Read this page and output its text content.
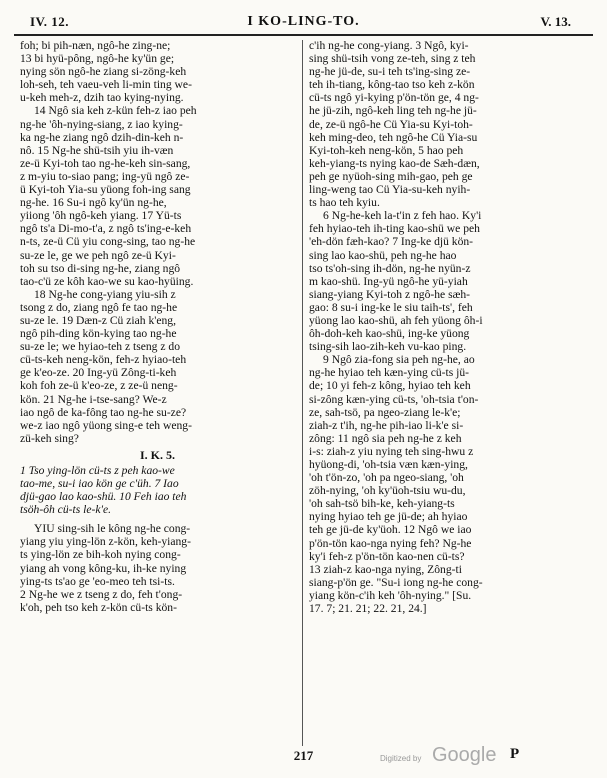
IV. 12.	I KO-LING-TO.	V. 13.
foh; bi pih-næn, ngô-he zing-ne;
13 bi hyü-pông, ngô-he ky'ün ge;
nying sön ngô-he ziang si-zöng-keh
loh-seh, teh vaeu-veh li-min ting we-
u-keh meh-z, dzih tao kying-nying.
14 Ngô sia keh z-kün feh-z iao peh
ng-he 'ôh-nying-siang, z iao kying-
ka ng-he ziang ngô dzih-din-keh n-
nô. 15 Ng-he shü-tsih yiu ih-væn
ze-ü Kyi-toh tao ng-he-keh sin-sang,
z m-yiu to-siao pang; ing-yü ngô ze-
ü Kyi-toh Yia-su yüong foh-ing sang
ng-he. 16 Su-i ngô ky'ün ng-he,
yiiong 'ôh ngô-keh yiang. 17 Yü-ts
ngô ts'a Di-mo-t'a, z ngô ts'ing-e-keh
n-ts, ze-ü Cü yiu cong-sing, tao ng-he
su-ze le, ge we peh ngô ze-ü Kyi-
toh su tso di-sing ng-he, ziang ngô
tao-c'ü ze kôh kao-we su kao-hyüing.
18 Ng-he cong-yiang yiu-sih z
tsong z do, ziang ngô fe tao ng-he
su-ze le. 19 Dæn-z Cü ziah k'eng,
ngô pih-ding kön-kying tao ng-he
su-ze le; we hyiao-teh z tseng z do
cü-ts-keh neng-kön, feh-z hyiao-teh
ge k'eo-ze. 20 Ing-yü Zông-ti-keh
koh foh ze-ü k'eo-ze, z ze-ü neng-
kön. 21 Ng-he i-tse-sang? We-z
iao ngô de ka-fông tao ng-he su-ze?
we-z iao ngô yüong sing-e teh weng-
zü-keh sing?
I. K. 5.
1 Tso ying-lön cü-ts z peh kao-we
tao-me, su-i iao kön ge c'üh. 7 Iao
djü-gao lao kao-shü. 10 Feh iao teh
tsöh-ôh cü-ts le-k'e.
YIU sing-sih le kông ng-he cong-
yiang yiu ying-lön z-kön, keh-yiang-
ts ying-lön ze bih-koh nying cong-
yiang ah vong kông-ku, ih-ke nying
ying-ts ts'ao ge 'eo-meo teh tsi-ts.
2 Ng-he we z tseng z do, feh t'ong-
k'oh, peh tso keh z-kön cü-ts kön-
c'ih ng-he cong-yiang. 3 Ngô, kyi-
sing shü-tsih vong ze-teh, sing z teh
ng-he jü-de, su-i teh ts'ing-sing ze-
teh ih-tiang, kông-tao tso keh z-kön
cü-ts ngô yi-kying p'ön-tön ge, 4 ng-
he jü-zih, ngô-keh ling teh ng-he jü-
de, ze-ü ngô-he Cü Yia-su Kyi-toh-
keh ming-deo, teh ngô-he Cü Yia-su
Kyi-toh-keh neng-kön, 5 hao peh
keh-yiang-ts nying kao-de Sæh-dæn,
peh ge nyüoh-sing mih-gao, peh ge
ling-weng tao Cü Yia-su-keh nyih-
ts hao teh kyiu.
6 Ng-he-keh la-t'in z feh hao. Ky'i
feh hyiao-teh ih-ting kao-shü we peh
'eh-dön fæh-kao? 7 Ing-ke djü kön-
sing lao kao-shü, peh ng-he hao
tso ts'oh-sing ih-dön, ng-he nyün-z
m kao-shü. Ing-yü ngô-he yü-yiah
siang-yiang Kyi-toh z ngô-he sæh-
gao: 8 su-i ing-ke le siu taih-ts', feh
yüong lao kao-shü, ah feh yüong ôh-i
ôh-doh-keh kao-shü, ing-ke yüong
tsing-sih lao-zih-keh vu-kao ping.
9 Ngô zia-fong sia peh ng-he, ao
ng-he hyiao teh kæn-ying cü-ts jü-
de; 10 yi feh-z kông, hyiao teh keh
si-zông kæn-ying cü-ts, 'oh-tsia t'on-
ze, sah-tsö, pa ngeo-ziang le-k'e;
ziah-z t'ih, ng-he pih-iao li-k'e si-
zông: 11 ngô sia peh ng-he z keh
i-s: ziah-z yiu nying teh sing-hwu z
hyüong-di, 'oh-tsia væn kæn-ying,
'oh t'ön-zo, 'oh pa ngeo-siang, 'oh
zöh-nying, 'oh ky'üoh-tsiu wu-du,
'oh sah-tsö bih-ke, keh-yiang-ts
nying hyiao teh ge jü-de; ah hyiao
teh ge jü-de ky'üoh. 12 Ngô we iao
p'ön-tön kao-nga nying feh? Ng-he
ky'i feh-z p'ön-tön kao-nen cü-ts?
13 ziah-z kao-nga nying, Zông-ti
siang-p'ön ge. "Su-i iong ng-he cong-
yiang kön-c'ih keh 'ôh-nying." [Su.
17. 7; 21. 21; 22. 21, 24.]
217	Digitized by Google P
